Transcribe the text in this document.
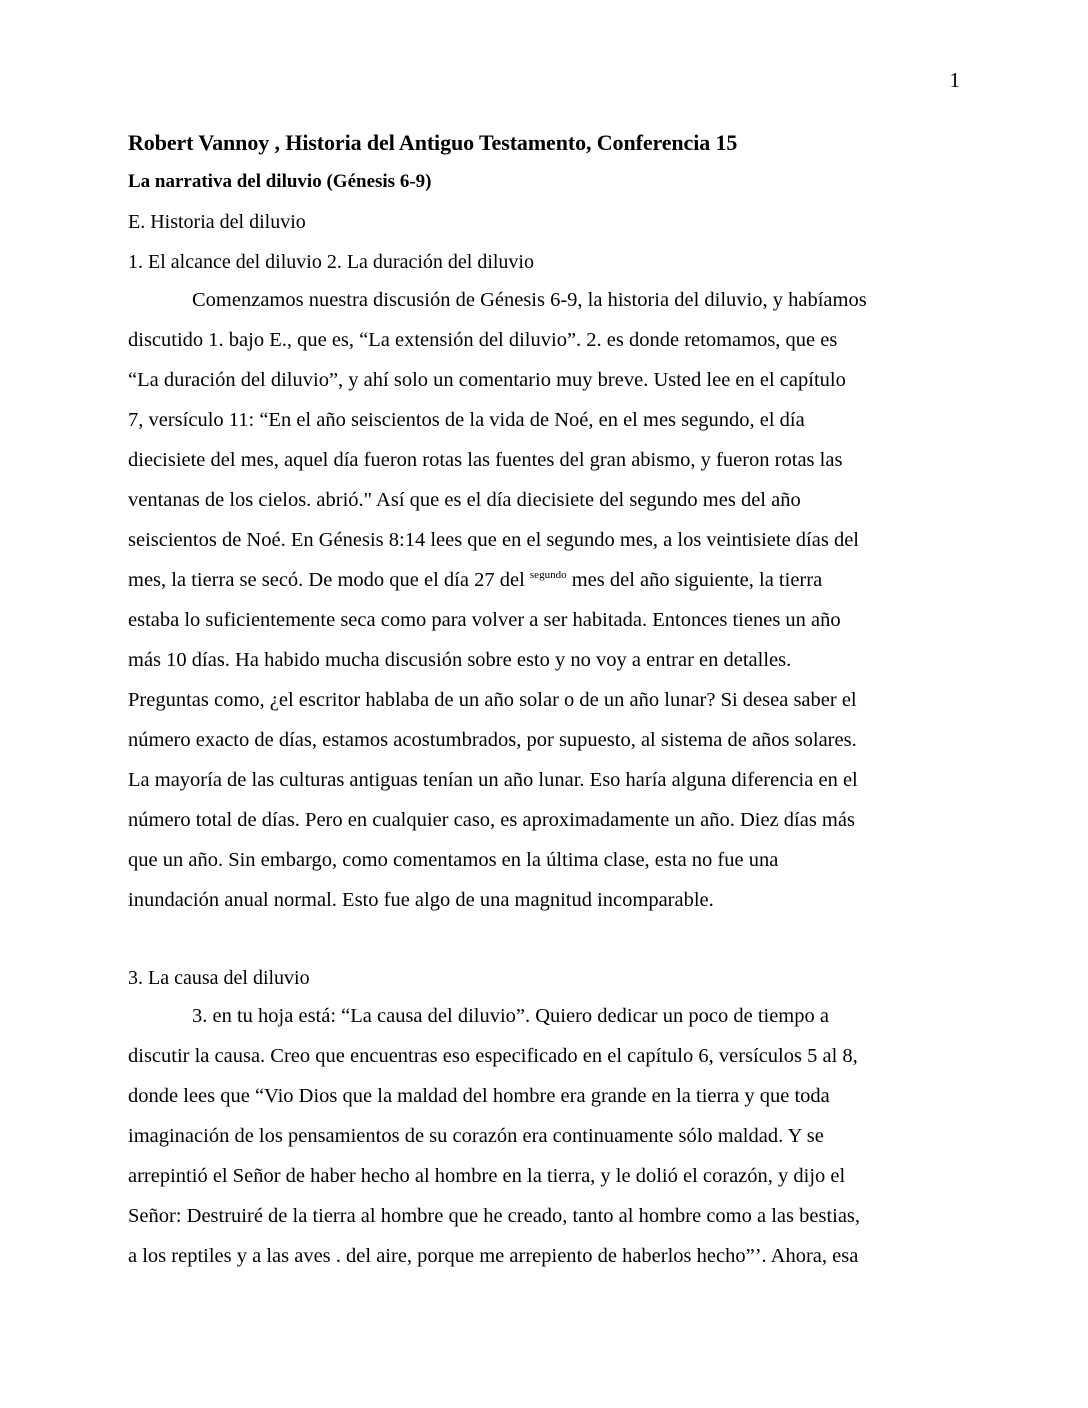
1
Robert Vannoy , Historia del Antiguo Testamento, Conferencia 15
La narrativa del diluvio (Génesis 6-9)

E. Historia del diluvio

1. El alcance del diluvio 2. La duración del diluvio

Comenzamos nuestra discusión de Génesis 6-9, la historia del diluvio, y habíamos
discutido 1. bajo E., que es, “La extensión del diluvio”. 2. es donde retomamos, que es
“La duración del diluvio”, y ahí solo un comentario muy breve. Usted lee en el capítulo
7, versículo 11: “En el año seiscientos de la vida de Noé, en el mes segundo, el día
diecisiete del mes, aquel día fueron rotas las fuentes del gran abismo, y fueron rotas las
ventanas de los cielos. abrió." Así que es el día diecisiete del segundo mes del año
seiscientos de Noé. En Génesis 8:14 lees que en el segundo mes, a los veintisiete días del
mes, la tierra se secó. De modo que el día 27 del $^{segundo}$ mes del año siguiente, la tierra
estaba lo suficientemente seca como para volver a ser habitada. Entonces tienes un año
más 10 días. Ha habido mucha discusión sobre esto y no voy a entrar en detalles.
Preguntas como, ¿el escritor hablaba de un año solar o de un año lunar? Si desea saber el
número exacto de días, estamos acostumbrados, por supuesto, al sistema de años solares.
La mayoría de las culturas antiguas tenían un año lunar. Eso haría alguna diferencia en el
número total de días. Pero en cualquier caso, es aproximadamente un año. Diez días más
que un año. Sin embargo, como comentamos en la última clase, esta no fue una
inundación anual normal. Esto fue algo de una magnitud incomparable.

3. La causa del diluvio

3. en tu hoja está: “La causa del diluvio”. Quiero dedicar un poco de tiempo a
discutir la causa. Creo que encuentras eso especificado en el capítulo 6, versículos 5 al 8,
donde lees que “Vio Dios que la maldad del hombre era grande en la tierra y que toda
imaginación de los pensamientos de su corazón era continuamente sólo maldad. Y se
arrepintió el Señor de haber hecho al hombre en la tierra, y le dolió el corazón, y dijo el
Señor: Destruiré de la tierra al hombre que he creado, tanto al hombre como a las bestias,
a los reptiles y a las aves . del aire, porque me arrepiento de haberlos hecho”’. Ahora, esa
